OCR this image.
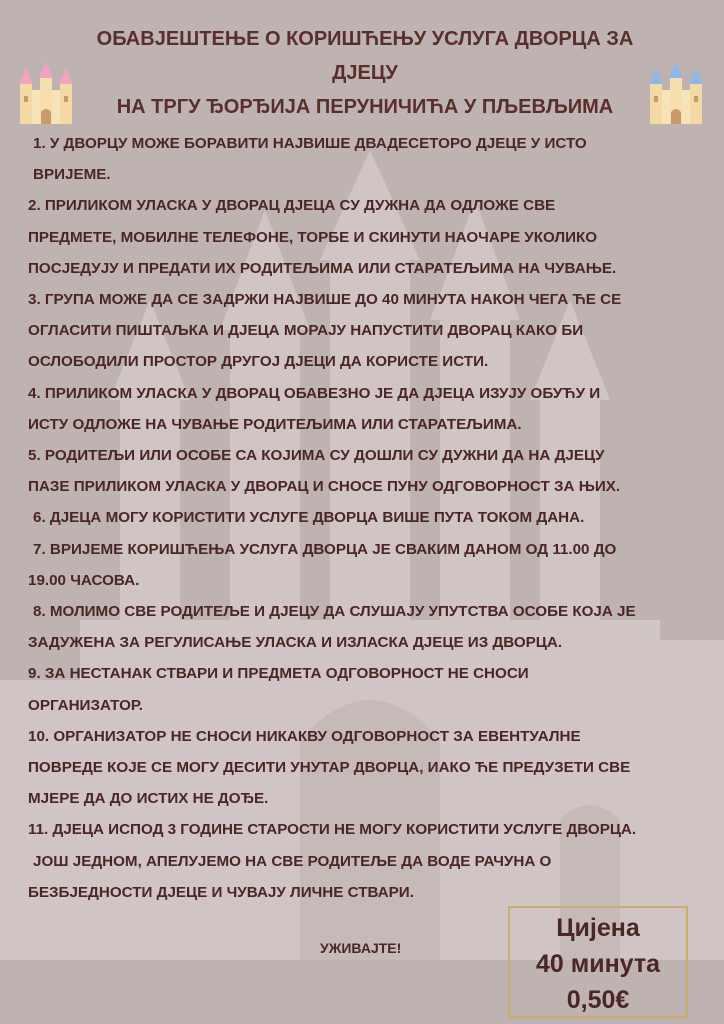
ОБАВЈЕШТЕЊЕ О КОРИШЋЕЊУ УСЛУГА ДВОРЦА ЗА ДЈЕЦУ
НА ТРГУ ЂОРЂИЈА ПЕРУНИЧИЋА У ПЉЕВЉИМА
1. У ДВОРЦУ МОЖЕ БОРАВИТИ НАЈВИШЕ ДВАДЕСЕТОРО ДЈЕЦЕ У ИСТО
ВРИЈЕМЕ.
2. ПРИЛИКОМ УЛАСКА У ДВОРАЦ ДЈЕЦА СУ ДУЖНА ДА ОДЛОЖЕ СВЕ
ПРЕДМЕТЕ, МОБИЛНЕ ТЕЛЕФОНЕ, ТОРБЕ И СКИНУТИ НАОЧАРЕ УКОЛИКО
ПОСЈЕДУЈУ И ПРЕДАТИ ИХ РОДИТЕЉИМА ИЛИ СТАРАТЕЉИМА НА ЧУВАЊЕ.
3. ГРУПА МОЖЕ ДА СЕ ЗАДРЖИ НАЈВИШЕ ДО 40 МИНУТА НАКОН ЧЕГА ЋЕ СЕ
ОГЛАСИТИ ПИШТАЉКА И ДЈЕЦА МОРАЈУ НАПУСТИТИ ДВОРАЦ КАКО БИ
ОСЛОБОДИЛИ ПРОСТОР ДРУГОЈ ДЈЕЦИ ДА КОРИСТЕ ИСТИ.
4. ПРИЛИКОМ УЛАСКА У ДВОРАЦ ОБАВЕЗНО ЈЕ ДА ДЈЕЦА ИЗУЈУ ОБУЋУ И
ИСТУ ОДЛОЖЕ НА ЧУВАЊЕ РОДИТЕЉИМА ИЛИ СТАРАТЕЉИМА.
5. РОДИТЕЉИ ИЛИ ОСОБЕ СА КОЈИМА СУ ДОШЛИ СУ ДУЖНИ ДА НА ДЈЕЦУ
ПАЗЕ ПРИЛИКОМ УЛАСКА У ДВОРАЦ И СНОСЕ ПУНУ ОДГОВОРНОСТ ЗА ЊИХ.
6. ДЈЕЦА МОГУ КОРИСТИТИ УСЛУГЕ ДВОРЦА ВИШЕ ПУТА ТОКОМ ДАНА.
7. ВРИЈЕМЕ КОРИШЋЕЊА УСЛУГА ДВОРЦА ЈЕ СВАКИМ ДАНОМ ОД 11.00 ДО
19.00 ЧАСОВА.
8. МОЛИМО СВЕ РОДИТЕЉЕ И ДЈЕЦУ ДА СЛУШАЈУ УПУТСТВА ОСОБЕ КОЈА ЈЕ
ЗАДУЖЕНА ЗА РЕГУЛИСАЊЕ УЛАСКА И ИЗЛАСКА ДЈЕЦЕ ИЗ ДВОРЦА.
9. ЗА НЕСТАНАК СТВАРИ И ПРЕДМЕТА ОДГОВОРНОСТ НЕ СНОСИ
ОРГАНИЗАТОР.
10. ОРГАНИЗАТОР НЕ СНОСИ НИКАКВУ ОДГОВОРНОСТ ЗА ЕВЕНТУАЛНЕ
ПОВРЕДЕ КОЈЕ СЕ МОГУ ДЕСИТИ УНУТАР ДВОРЦА, ИАКО ЋЕ ПРЕДУЗЕТИ СВЕ
МЈЕРЕ ДА ДО ИСТИХ НЕ ДОЂЕ.
11. ДЈЕЦА ИСПОД 3 ГОДИНЕ СТАРОСТИ НЕ МОГУ КОРИСТИТИ УСЛУГЕ ДВОРЦА.
ЈОШ ЈЕДНОМ, АПЕЛУЈЕМО НА СВЕ РОДИТЕЉЕ ДА ВОДЕ РАЧУНА О
БЕЗБЈЕДНОСТИ ДЈЕЦЕ И ЧУВАЈУ ЛИЧНЕ СТВАРИ.
УЖИВАЈТЕ!
Цијена
40 минута
0,50€
